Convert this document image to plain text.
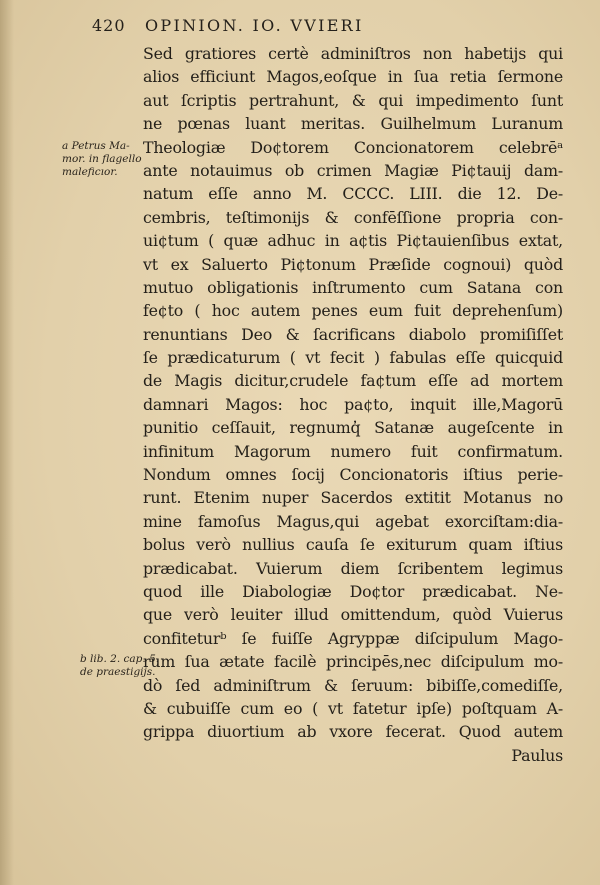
420 OPINION. IO. VVIERI
a Petrus Ma-
mor. in flagello
maleficıor.
b lib. 2. cap. 5.
de praestigijs.
Sed gratiores certè adminiſtros non habetijs qui
alios efficiunt Magos,eoſque in ſua retia ſermone
aut ſcriptis pertrahunt, & qui impedimento ſunt
ne pœnas luant meritas. Guilhelmum Luranum
Theologiæ Do¢torem Concionatorem celebrēᵃ
ante notauimus ob crimen Magiæ Pi¢tauij dam-
natum eſſe anno M. CCCC. LIII. die 12. De-
cembris, teſtimonijs & confēſſione propria con-
ui¢tum ( quæ adhuc in a¢tis Pi¢tauienſibus extat,
vt ex Saluerto Pi¢tonum Præſide cognoui) quòd
mutuo obligationis inſtrumento cum Satana con
fe¢to ( hoc autem penes eum fuit deprehenſum)
renuntians Deo & ſacrificans diabolo promiſiſſet
ſe prædicaturum ( vt fecit ) fabulas eſſe quicquid
de Magis dicitur,crudele fa¢tum eſſe ad mortem
damnari Magos: hoc pa¢to, inquit ille,Magorū
punitio ceſſauit, regnumq̓ Satanæ augeſcente in
infinitum Magorum numero fuit confirmatum.
Nondum omnes ſocij Concionatoris iſtius perie-
runt. Etenim nuper Sacerdos extitit Motanus no
mine famoſus Magus,qui agebat exorciſtam:dia-
bolus verò nullius cauſa ſe exiturum quam iſtius
prædicabat. Vuierum diem ſcribentem legimus
quod ille Diabologiæ Do¢tor prædicabat. Ne-
que verò leuiter illud omittendum, quòd Vuierus
confiteturᵇ ſe fuiſſe Agryppæ diſcipulum Mago-
rum ſua ætate facilè principēs,nec diſcipulum mo-
dò ſed adminiſtrum & ſeruum: bibiſſe,comediſſe,
& cubuiſſe cum eo ( vt fatetur ipſe) poſtquam A-
grippa diuortium ab vxore fecerat. Quod autem
Paulus
